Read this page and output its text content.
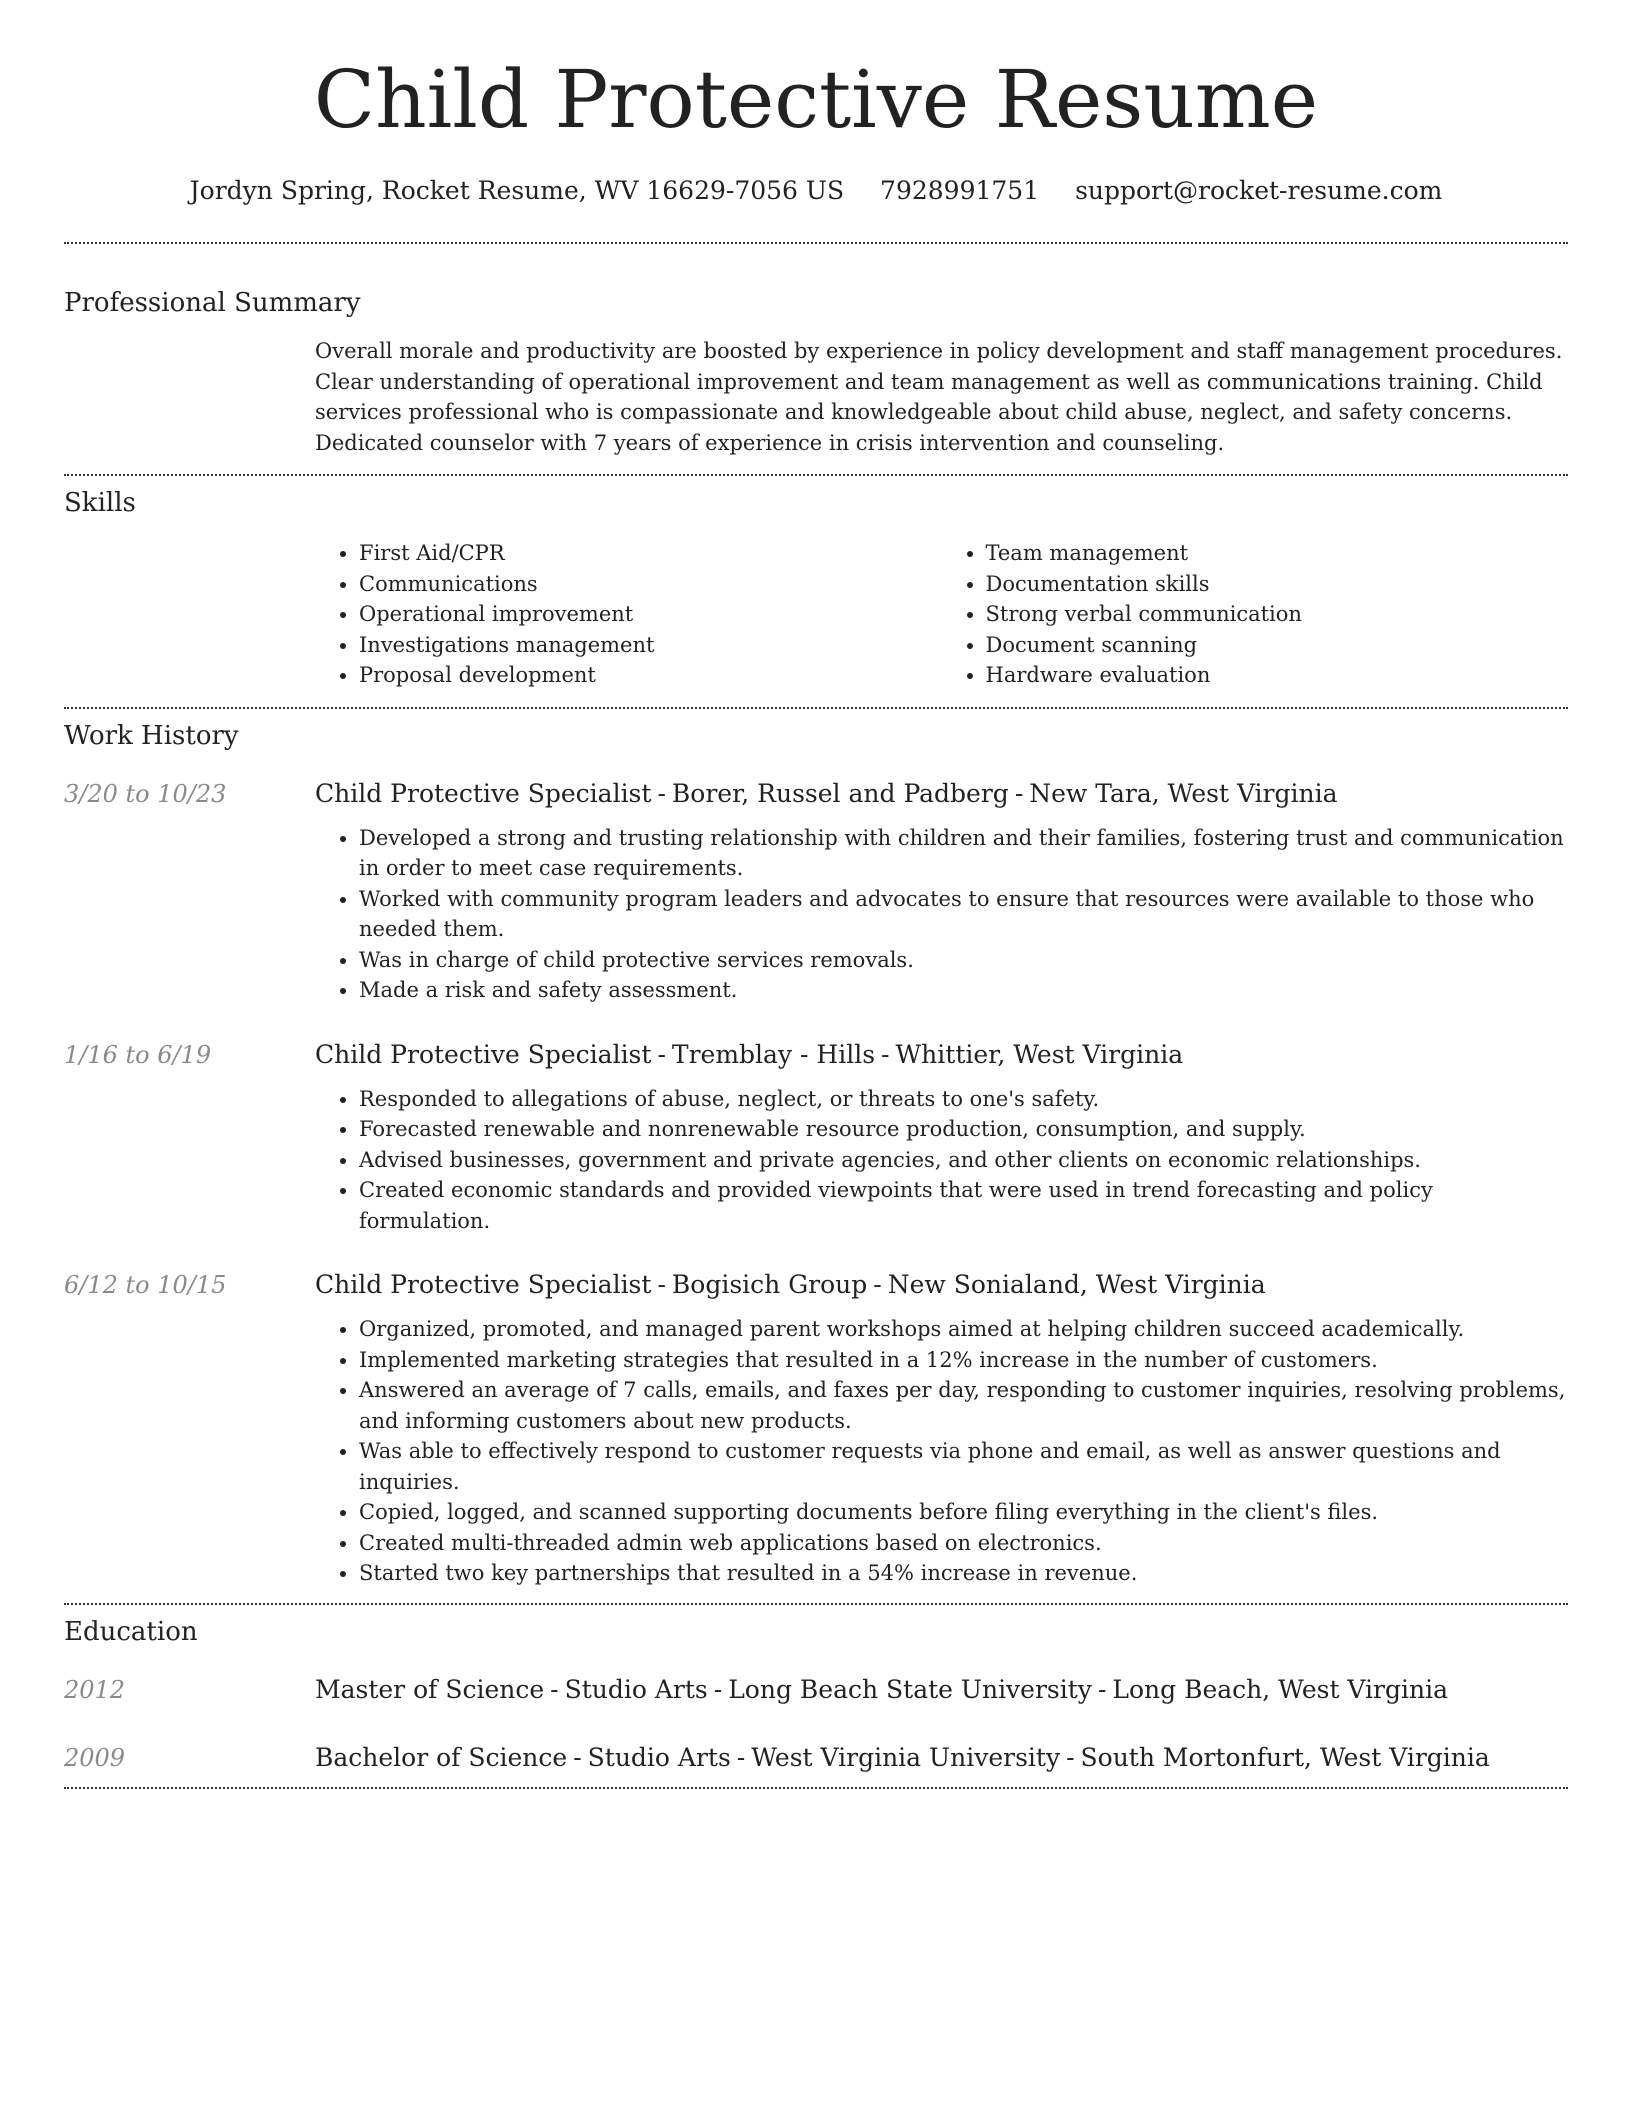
Child Protective Resume
Jordyn Spring, Rocket Resume, WV 16629-7056 US 7928991751 support@rocket-resume.com
Professional Summary

Overall morale and productivity are boosted by experience in policy development and staff management procedures. Clear understanding of operational improvement and team management as well as communications training. Child services professional who is compassionate and knowledgeable about child abuse, neglect, and safety concerns. Dedicated counselor with 7 years of experience in crisis intervention and counseling.

Skills
• First Aid/CPR
• Communications
• Operational improvement
• Investigations management
• Proposal development
• Team management
• Documentation skills
• Strong verbal communication
• Document scanning
• Hardware evaluation
Work History
3/20 to 10/23	Child Protective Specialist - Borer, Russel and Padberg - New Tara, West Virginia
• Developed a strong and trusting relationship with children and their families, fostering trust and communication in order to meet case requirements.
• Worked with community program leaders and advocates to ensure that resources were available to those who needed them.
• Was in charge of child protective services removals.
• Made a risk and safety assessment.
1/16 to 6/19	Child Protective Specialist - Tremblay - Hills - Whittier, West Virginia
• Responded to allegations of abuse, neglect, or threats to one's safety.
• Forecasted renewable and nonrenewable resource production, consumption, and supply.
• Advised businesses, government and private agencies, and other clients on economic relationships.
• Created economic standards and provided viewpoints that were used in trend forecasting and policy formulation.
6/12 to 10/15	Child Protective Specialist - Bogisich Group - New Sonialand, West Virginia
• Organized, promoted, and managed parent workshops aimed at helping children succeed academically.
• Implemented marketing strategies that resulted in a 12% increase in the number of customers.
• Answered an average of 7 calls, emails, and faxes per day, responding to customer inquiries, resolving problems, and informing customers about new products.
• Was able to effectively respond to customer requests via phone and email, as well as answer questions and inquiries.
• Copied, logged, and scanned supporting documents before filing everything in the client's files.
• Created multi-threaded admin web applications based on electronics.
• Started two key partnerships that resulted in a 54% increase in revenue.
Education
2012	Master of Science - Studio Arts - Long Beach State University - Long Beach, West Virginia
2009	Bachelor of Science - Studio Arts - West Virginia University - South Mortonfurt, West Virginia
